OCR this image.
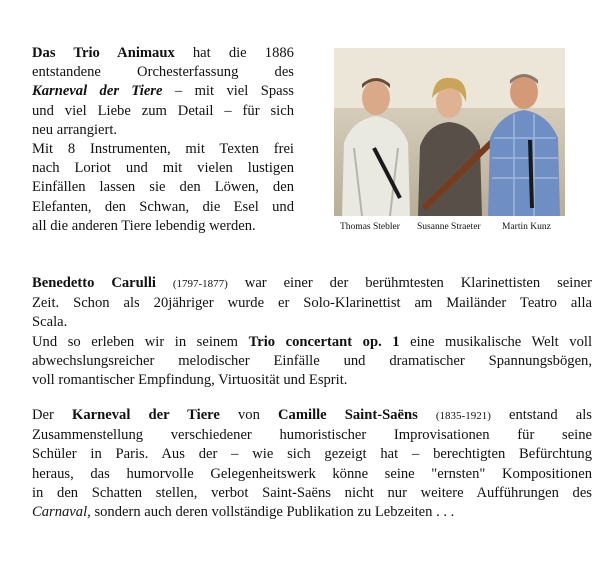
Das Trio Animaux hat die 1886
entstandene Orchesterfassung des
Karneval der Tiere – mit viel Spass
und viel Liebe zum Detail – für sich
neu arrangiert.
Mit 8 Instrumenten, mit Texten frei
nach Loriot und mit vielen lustigen
Einfällen lassen sie den Löwen, den
Elefanten, den Schwan, die Esel und
all die anderen Tiere lebendig werden.	Thomas Stebler Susanne Straeter Martin Kunz
Benedetto Carulli (1797-1877) war einer der berühmtesten Klarinettisten seiner
Zeit. Schon als 20jähriger wurde er Solo-Klarinettist am Mailänder Teatro alla
Scala.
Und so erleben wir in seinem Trio concertant op. 1 eine musikalische Welt voll
abwechslungsreicher melodischer Einfälle und dramatischer Spannungsbögen,
voll romantischer Empfindung, Virtuosität und Esprit.
Der Karneval der Tiere von Camille Saint-Saëns (1835-1921) entstand als
Zusammenstellung verschiedener humoristischer Improvisationen für seine
Schüler in Paris. Aus der – wie sich gezeigt hat – berechtigten Befürchtung
heraus, das humorvolle Gelegenheitswerk könne seine "ernsten" Kompositionen
in den Schatten stellen, verbot Saint-Saëns nicht nur weitere Aufführungen des
Carnaval, sondern auch deren vollständige Publikation zu Lebzeiten . . .
